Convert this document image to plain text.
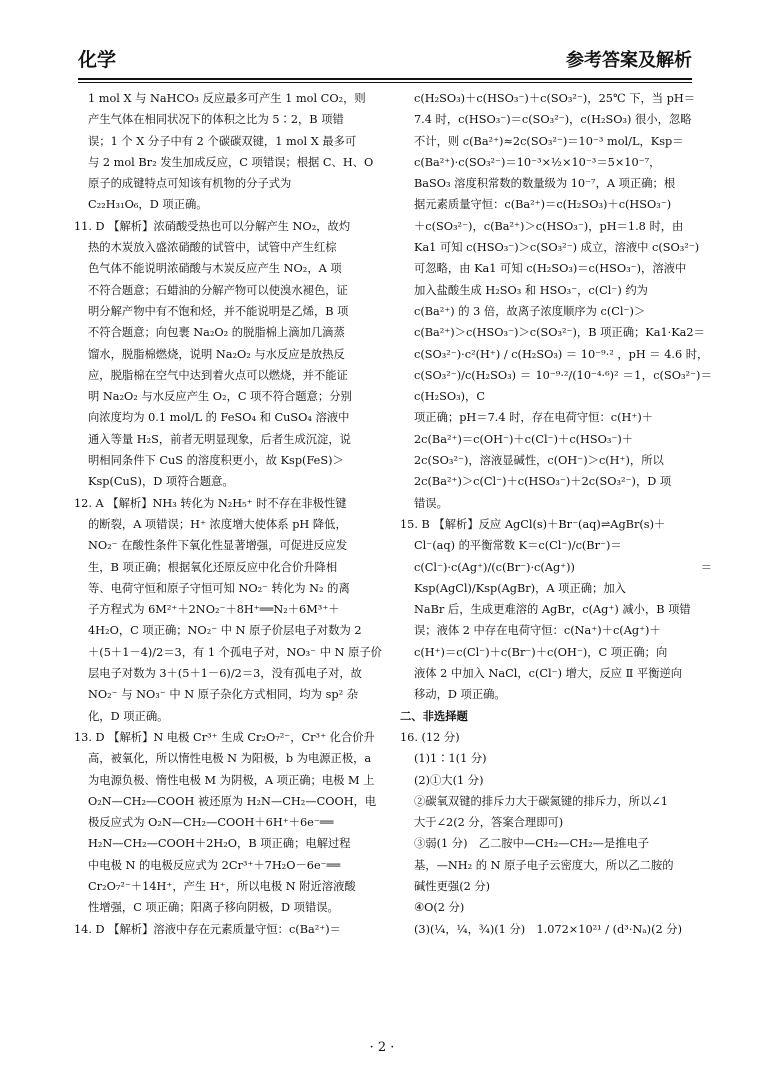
化学	参考答案及解析

1 mol X 与 NaHCO₃ 反应最多可产生 1 mol CO₂，则

产生气体在相同状况下的体积之比为 5∶2，B 项错

误；1 个 X 分子中有 2 个碳碳双键，1 mol X 最多可

与 2 mol Br₂ 发生加成反应，C 项错误；根据 C、H、O

原子的成键特点可知该有机物的分子式为

C₂₂H₃₁O₆，D 项正确。

11. D 【解析】浓硝酸受热也可以分解产生 NO₂，故灼

热的木炭放入盛浓硝酸的试管中，试管中产生红棕

色气体不能说明浓硝酸与木炭反应产生 NO₂，A 项

不符合题意；石蜡油的分解产物可以使溴水褪色，证

明分解产物中有不饱和烃，并不能说明是乙烯，B 项

不符合题意；向包裹 Na₂O₂ 的脱脂棉上滴加几滴蒸

馏水，脱脂棉燃烧，说明 Na₂O₂ 与水反应是放热反

应，脱脂棉在空气中达到着火点可以燃烧，并不能证

明 Na₂O₂ 与水反应产生 O₂，C 项不符合题意；分别

向浓度均为 0.1 mol/L 的 FeSO₄ 和 CuSO₄ 溶液中

通入等量 H₂S，前者无明显现象，后者生成沉淀，说

明相同条件下 CuS 的溶度积更小，故 Ksp(FeS)＞

Ksp(CuS)，D 项符合题意。

12. A 【解析】NH₃ 转化为 N₂H₅⁺ 时不存在非极性键

的断裂，A 项错误；H⁺ 浓度增大使体系 pH 降低，

NO₂⁻ 在酸性条件下氧化性显著增强，可促进反应发

生，B 项正确；根据氧化还原反应中化合价升降相

等、电荷守恒和原子守恒可知 NO₂⁻ 转化为 N₂ 的离

子方程式为 6M²⁺＋2NO₂⁻＋8H⁺══N₂＋6M³⁺＋

4H₂O，C 项正确；NO₂⁻ 中 N 原子价层电子对数为 2

＋(5＋1－4)/2＝3，有 1 个孤电子对，NO₃⁻ 中 N 原子价

层电子对数为 3＋(5＋1－6)/2＝3，没有孤电子对，故

NO₂⁻ 与 NO₃⁻ 中 N 原子杂化方式相同，均为 sp² 杂

化，D 项正确。

13. D 【解析】N 电极 Cr³⁺ 生成 Cr₂O₇²⁻，Cr³⁺ 化合价升

高，被氧化，所以惰性电极 N 为阳极，b 为电源正极，a

为电源负极、惰性电极 M 为阴极，A 项正确；电极 M 上

O₂N—CH₂—COOH 被还原为 H₂N—CH₂—COOH，电

极反应式为 O₂N—CH₂—COOH＋6H⁺＋6e⁻══

H₂N—CH₂—COOH＋2H₂O，B 项正确；电解过程

中电极 N 的电极反应式为 2Cr³⁺＋7H₂O－6e⁻══

Cr₂O₇²⁻＋14H⁺，产生 H⁺，所以电极 N 附近溶液酸

性增强，C 项正确；阳离子移向阴极，D 项错误。

14. D 【解析】溶液中存在元素质量守恒：c(Ba²⁺)＝

c(H₂SO₃)＋c(HSO₃⁻)＋c(SO₃²⁻)，25℃ 下，当 pH＝

7.4 时，c(HSO₃⁻)＝c(SO₃²⁻)，c(H₂SO₃) 很小，忽略

不计，则 c(Ba²⁺)≈2c(SO₃²⁻)＝10⁻³ mol/L，Ksp＝

c(Ba²⁺)·c(SO₃²⁻)＝10⁻³×½×10⁻³＝5×10⁻⁷，

BaSO₃ 溶度积常数的数量级为 10⁻⁷，A 项正确；根

据元素质量守恒：c(Ba²⁺)＝c(H₂SO₃)＋c(HSO₃⁻)

＋c(SO₃²⁻)，c(Ba²⁺)＞c(HSO₃⁻)，pH＝1.8 时，由

Ka1 可知 c(HSO₃⁻)＞c(SO₃²⁻) 成立，溶液中 c(SO₃²⁻)

可忽略，由 Ka1 可知 c(H₂SO₃)＝c(HSO₃⁻)，溶液中

加入盐酸生成 H₂SO₃ 和 HSO₃⁻，c(Cl⁻) 约为

c(Ba²⁺) 的 3 倍，故离子浓度顺序为 c(Cl⁻)＞

c(Ba²⁺)＞c(HSO₃⁻)＞c(SO₃²⁻)，B 项正确；Ka1·Ka2＝

c(SO₃²⁻)·c²(H⁺) / c(H₂SO₃) ＝ 10⁻⁹·² ，pH ＝ 4.6 时，

c(SO₃²⁻)/c(H₂SO₃) ＝ 10⁻⁹·²/(10⁻⁴·⁶)² ＝1，c(SO₃²⁻)＝c(H₂SO₃)，C

项正确；pH＝7.4 时，存在电荷守恒：c(H⁺)＋

2c(Ba²⁺)＝c(OH⁻)＋c(Cl⁻)＋c(HSO₃⁻)＋

2c(SO₃²⁻)，溶液显碱性，c(OH⁻)＞c(H⁺)，所以

2c(Ba²⁺)＞c(Cl⁻)＋c(HSO₃⁻)＋2c(SO₃²⁻)，D 项

错误。

15. B 【解析】反应 AgCl(s)＋Br⁻(aq)⇌AgBr(s)＋

Cl⁻(aq) 的平衡常数 K＝c(Cl⁻)/c(Br⁻)＝

c(Cl⁻)·c(Ag⁺)/(c(Br⁻)·c(Ag⁺)) ＝ Ksp(AgCl)/Ksp(AgBr)，A 项正确；加入

NaBr 后，生成更难溶的 AgBr，c(Ag⁺) 减小，B 项错

误；液体 2 中存在电荷守恒：c(Na⁺)＋c(Ag⁺)＋

c(H⁺)＝c(Cl⁻)＋c(Br⁻)＋c(OH⁻)，C 项正确；向

液体 2 中加入 NaCl，c(Cl⁻) 增大，反应 Ⅱ 平衡逆向

移动，D 项正确。

二、非选择题

16. (12 分)

(1)1∶1(1 分)

(2)①大(1 分)

②碳氧双键的排斥力大于碳氮键的排斥力，所以∠1

大于∠2(2 分，答案合理即可)

③弱(1 分)　乙二胺中—CH₂—CH₂—是推电子

基，—NH₂ 的 N 原子电子云密度大，所以乙二胺的

碱性更强(2 分)

④O(2 分)

(3)(¼，¼，¾)(1 分)　1.072×10²¹ / (d³·Nₐ)(2 分)

· 2 ·
